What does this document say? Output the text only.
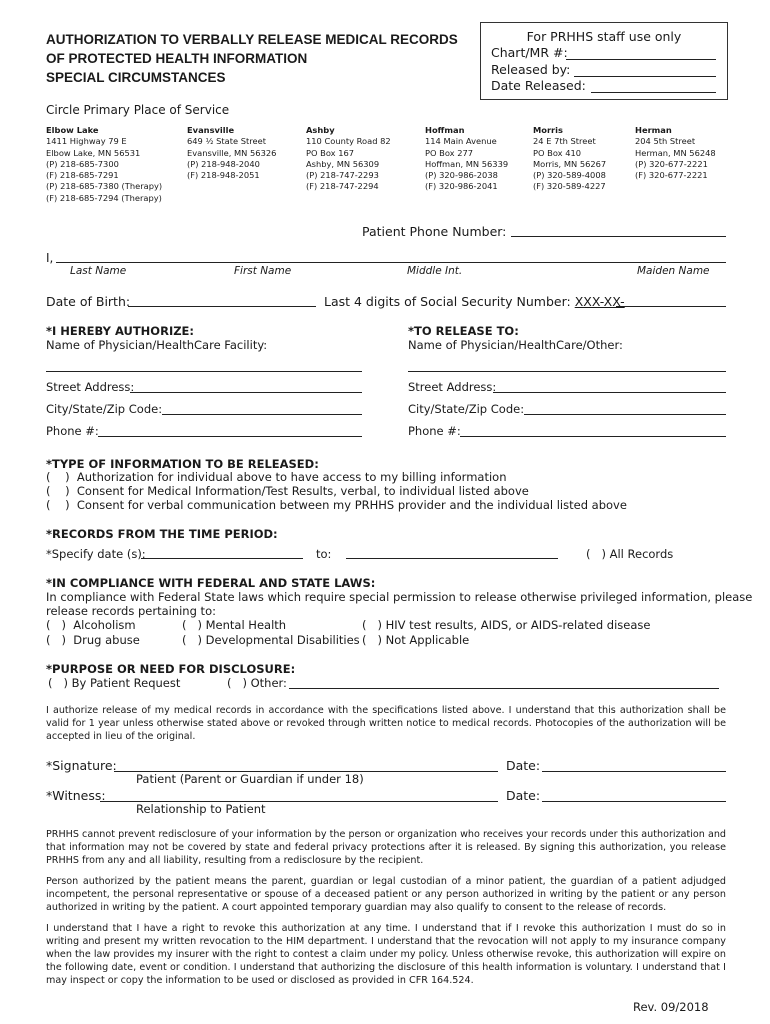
AUTHORIZATION TO VERBALLY RELEASE MEDICAL RECORDS
OF PROTECTED HEALTH INFORMATION
SPECIAL CIRCUMSTANCES
For PRHHS staff use only
Chart/MR #:
Released by:
Date Released:
Circle Primary Place of Service
Elbow Lake
1411 Highway 79 E
Elbow Lake, MN 56531
(P) 218-685-7300
(F) 218-685-7291
(P) 218-685-7380 (Therapy)
(F) 218-685-7294 (Therapy)
Evansville
649 ½ State Street
Evansville, MN 56326
(P) 218-948-2040
(F) 218-948-2051
Ashby
110 County Road 82
PO Box 167
Ashby, MN 56309
(P) 218-747-2293
(F) 218-747-2294
Hoffman
114 Main Avenue
PO Box 277
Hoffman, MN 56339
(P) 320-986-2038
(F) 320-986-2041
Morris
24 E 7th Street
PO Box 410
Morris, MN 56267
(P) 320-589-4008
(F) 320-589-4227
Herman
204 5th Street
Herman, MN 56248
(P) 320-677-2221
(F) 320-677-2221
Patient Phone Number:
I,
Last Name	First Name	Middle Int.	Maiden Name
Date of Birth:	Last 4 digits of Social Security Number: XXX-XX-
*I HEREBY AUTHORIZE:
Name of Physician/HealthCare Facility:
Street Address:
City/State/Zip Code:
Phone #:
*TO RELEASE TO:
Name of Physician/HealthCare/Other:
Street Address:
City/State/Zip Code:
Phone #:
*TYPE OF INFORMATION TO BE RELEASED:
(    )  Authorization for individual above to have access to my billing information
(    )  Consent for Medical Information/Test Results, verbal, to individual listed above
(    )  Consent for verbal communication between my PRHHS provider and the individual listed above
*RECORDS FROM THE TIME PERIOD:
*Specify date (s):	to:	(   ) All Records
*IN COMPLIANCE WITH FEDERAL AND STATE LAWS:
In compliance with Federal State laws which require special permission to release otherwise privileged information, please
release records pertaining to:
(   )  Alcoholism	(   ) Mental Health	(   ) HIV test results, AIDS, or AIDS-related disease
(   )  Drug abuse	(   ) Developmental Disabilities (   ) Not Applicable
*PURPOSE OR NEED FOR DISCLOSURE:
(   ) By Patient Request	(   ) Other:
I authorize release of my medical records in accordance with the specifications listed above. I understand that this authorization shall be valid for 1 year unless otherwise stated above or revoked through written notice to medical records. Photocopies of the authorization will be accepted in lieu of the original.
*Signature:
Patient (Parent or Guardian if under 18)
Date:
*Witness:
Relationship to Patient
Date:
PRHHS cannot prevent redisclosure of your information by the person or organization who receives your records under this authorization and that information may not be covered by state and federal privacy protections after it is released. By signing this authorization, you release PRHHS from any and all liability, resulting from a redisclosure by the recipient.
Person authorized by the patient means the parent, guardian or legal custodian of a minor patient, the guardian of a patient adjudged incompetent, the personal representative or spouse of a deceased patient or any person authorized in writing by the patient or any person authorized in writing by the patient. A court appointed temporary guardian may also qualify to consent to the release of records.
I understand that I have a right to revoke this authorization at any time. I understand that if I revoke this authorization I must do so in writing and present my written revocation to the HIM department. I understand that the revocation will not apply to my insurance company when the law provides my insurer with the right to contest a claim under my policy. Unless otherwise revoke, this authorization will expire on the following date, event or condition. I understand that authorizing the disclosure of this health information is voluntary. I understand that I may inspect or copy the information to be used or disclosed as provided in CFR 164.524.
Rev. 09/2018
